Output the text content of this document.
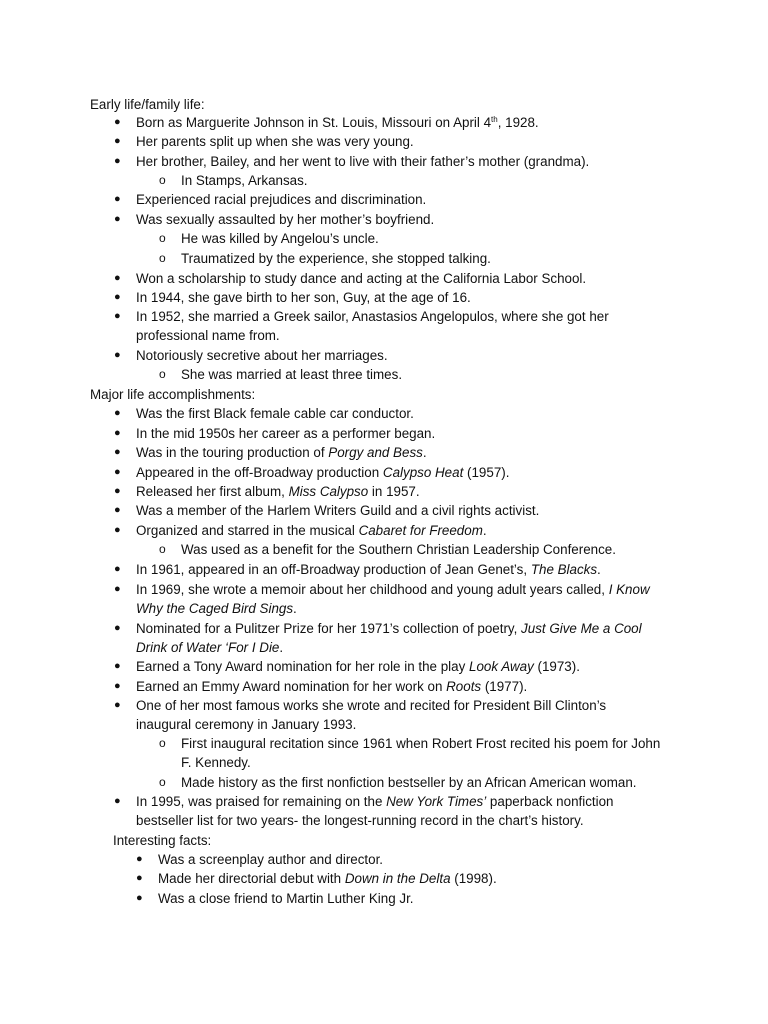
Early life/family life:
● Born as Marguerite Johnson in St. Louis, Missouri on April 4th, 1928.
● Her parents split up when she was very young.
● Her brother, Bailey, and her went to live with their father’s mother (grandma).
o In Stamps, Arkansas.
● Experienced racial prejudices and discrimination.
● Was sexually assaulted by her mother’s boyfriend.
o He was killed by Angelou’s uncle.
o Traumatized by the experience, she stopped talking.
● Won a scholarship to study dance and acting at the California Labor School.
● In 1944, she gave birth to her son, Guy, at the age of 16.
● In 1952, she married a Greek sailor, Anastasios Angelopulos, where she got her
professional name from.
● Notoriously secretive about her marriages.
o She was married at least three times.
Major life accomplishments:
● Was the first Black female cable car conductor.
● In the mid 1950s her career as a performer began.
● Was in the touring production of Porgy and Bess.
● Appeared in the off-Broadway production Calypso Heat (1957).
● Released her first album, Miss Calypso in 1957.
● Was a member of the Harlem Writers Guild and a civil rights activist.
● Organized and starred in the musical Cabaret for Freedom.
o Was used as a benefit for the Southern Christian Leadership Conference.
● In 1961, appeared in an off-Broadway production of Jean Genet’s, The Blacks.
● In 1969, she wrote a memoir about her childhood and young adult years called, I Know
Why the Caged Bird Sings.
● Nominated for a Pulitzer Prize for her 1971’s collection of poetry, Just Give Me a Cool
Drink of Water ‘For I Die.
● Earned a Tony Award nomination for her role in the play Look Away (1973).
● Earned an Emmy Award nomination for her work on Roots (1977).
● One of her most famous works she wrote and recited for President Bill Clinton’s
inaugural ceremony in January 1993.
o First inaugural recitation since 1961 when Robert Frost recited his poem for John
F. Kennedy.
o Made history as the first nonfiction bestseller by an African American woman.
● In 1995, was praised for remaining on the New York Times’ paperback nonfiction
bestseller list for two years- the longest-running record in the chart’s history.
Interesting facts:
● Was a screenplay author and director.
● Made her directorial debut with Down in the Delta (1998).
● Was a close friend to Martin Luther King Jr.
